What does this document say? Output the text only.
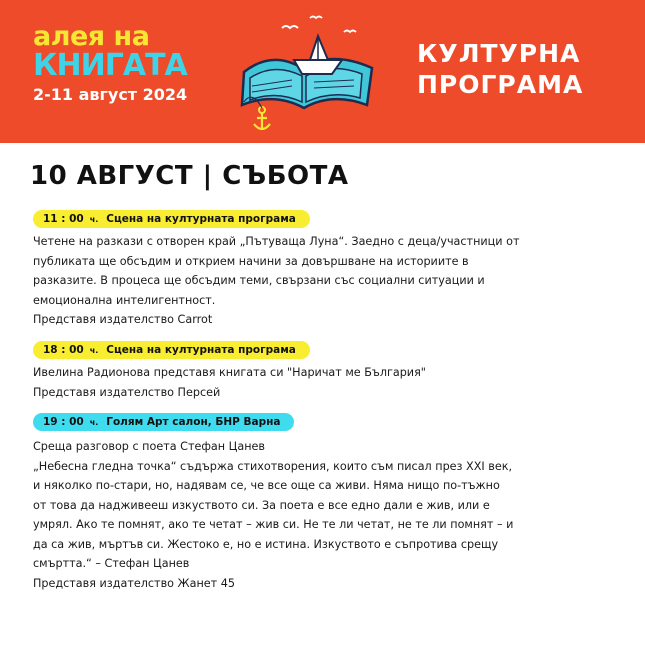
алея на
КНИГАТА
2-11 август 2024
КУЛТУРНА
ПРОГРАМА
10 АВГУСТ | СЪБОТА
11 : 00 ч. Сцена на културната програма
Четене на разкази с отворен край „Пътуваща Луна“. Заедно с деца/участници от
публиката ще обсъдим и открием начини за довършване на историите в
разказите. В процеса ще обсъдим теми, свързани със социални ситуации и
емоционална интелигентност.
Представя издателство Carrot
18 : 00 ч. Сцена на културната програма
Ивелина Радионова представя книгата си "Наричат ме България"
Представя издателство Персей
19 : 00 ч. Голям Арт салон, БНР Варна
Среща разговор с поета Стефан Цанев
„Небесна гледна точка“ съдържа стихотворения, които съм писал през XXI век,
и няколко по-стари, но, надявам се, че все още са живи. Няма нищо по-тъжно
от това да надживееш изкуството си. За поета е все едно дали е жив, или е
умрял. Ако те помнят, ако те четат – жив си. Не те ли четат, не те ли помнят – и
да са жив, мъртъв си. Жестоко е, но е истина. Изкуството е съпротива срещу
смъртта.“ – Стефан Цанев
Представя издателство Жанет 45
